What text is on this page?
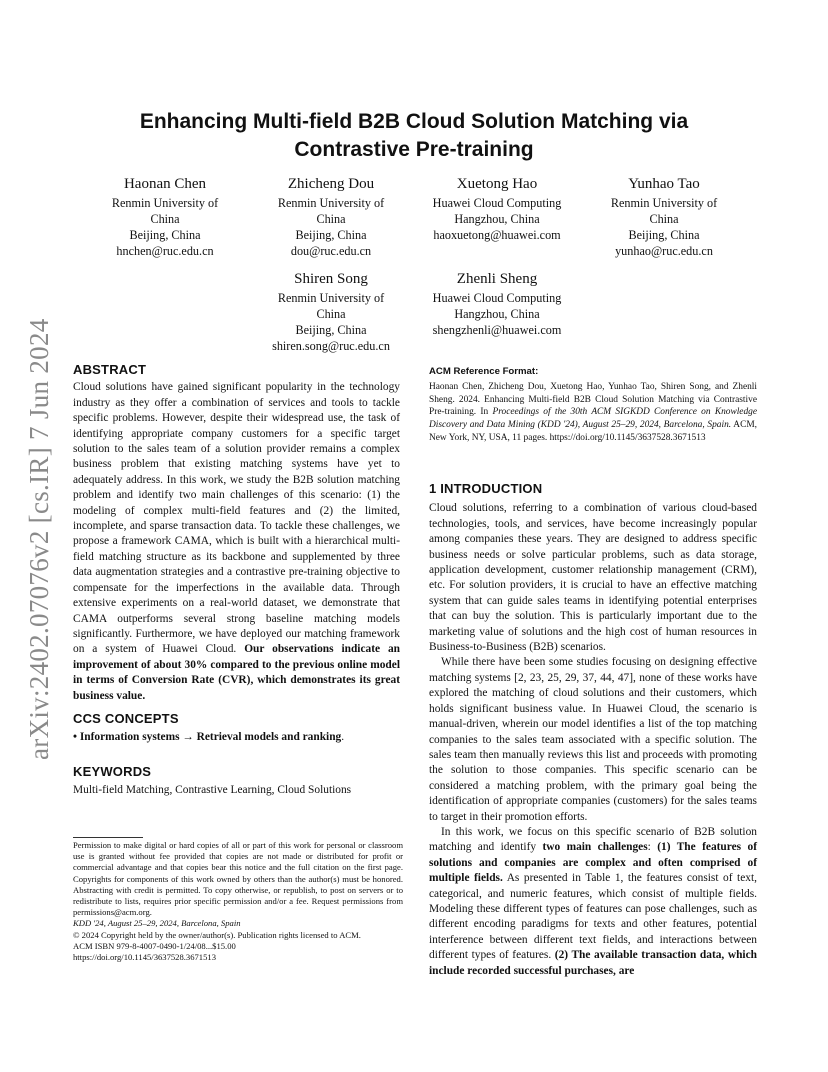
arXiv:2402.07076v2 [cs.IR] 7 Jun 2024
Enhancing Multi-field B2B Cloud Solution Matching via
Contrastive Pre-training
Haonan Chen
Renmin University of
China
Beijing, China
hnchen@ruc.edu.cn
Zhicheng Dou
Renmin University of
China
Beijing, China
dou@ruc.edu.cn
Xuetong Hao
Huawei Cloud Computing
Hangzhou, China
haoxuetong@huawei.com
Yunhao Tao
Renmin University of
China
Beijing, China
yunhao@ruc.edu.cn
Shiren Song
Renmin University of
China
Beijing, China
shiren.song@ruc.edu.cn
Zhenli Sheng
Huawei Cloud Computing
Hangzhou, China
shengzhenli@huawei.com
ABSTRACT

Cloud solutions have gained significant popularity in the technology industry as they offer a combination of services and tools to tackle specific problems. However, despite their widespread use, the task of identifying appropriate company customers for a specific target solution to the sales team of a solution provider remains a complex business problem that existing matching systems have yet to adequately address. In this work, we study the B2B solution matching problem and identify two main challenges of this scenario: (1) the modeling of complex multi-field features and (2) the limited, incomplete, and sparse transaction data. To tackle these challenges, we propose a framework CAMA, which is built with a hierarchical multi-field matching structure as its backbone and supplemented by three data augmentation strategies and a contrastive pre-training objective to compensate for the imperfections in the available data. Through extensive experiments on a real-world dataset, we demonstrate that CAMA outperforms several strong baseline matching models significantly. Furthermore, we have deployed our matching framework on a system of Huawei Cloud. Our observations indicate an improvement of about 30% compared to the previous online model in terms of Conversion Rate (CVR), which demonstrates its great business value.

CCS CONCEPTS

• Information systems → Retrieval models and ranking.

KEYWORDS

Multi-field Matching, Contrastive Learning, Cloud Solutions

Permission to make digital or hard copies of all or part of this work for personal or classroom use is granted without fee provided that copies are not made or distributed for profit or commercial advantage and that copies bear this notice and the full citation on the first page. Copyrights for components of this work owned by others than the author(s) must be honored. Abstracting with credit is permitted. To copy otherwise, or republish, to post on servers or to redistribute to lists, requires prior specific permission and/or a fee. Request permissions from permissions@acm.org.

KDD '24, August 25–29, 2024, Barcelona, Spain

© 2024 Copyright held by the owner/author(s). Publication rights licensed to ACM.

ACM ISBN 979-8-4007-0490-1/24/08...$15.00

https://doi.org/10.1145/3637528.3671513

ACM Reference Format:

Haonan Chen, Zhicheng Dou, Xuetong Hao, Yunhao Tao, Shiren Song, and Zhenli Sheng. 2024. Enhancing Multi-field B2B Cloud Solution Matching via Contrastive Pre-training. In Proceedings of the 30th ACM SIGKDD Conference on Knowledge Discovery and Data Mining (KDD '24), August 25–29, 2024, Barcelona, Spain. ACM, New York, NY, USA, 11 pages. https://doi.org/10.1145/3637528.3671513

1 INTRODUCTION

Cloud solutions, referring to a combination of various cloud-based technologies, tools, and services, have become increasingly popular among companies these years. They are designed to address specific business needs or solve particular problems, such as data storage, application development, customer relationship management (CRM), etc. For solution providers, it is crucial to have an effective matching system that can guide sales teams in identifying potential enterprises that can buy the solution. This is particularly important due to the marketing value of solutions and the high cost of human resources in Business-to-Business (B2B) scenarios.

While there have been some studies focusing on designing effective matching systems [2, 23, 25, 29, 37, 44, 47], none of these works have explored the matching of cloud solutions and their customers, which holds significant business value. In Huawei Cloud, the scenario is manual-driven, wherein our model identifies a list of the top matching companies to the sales team associated with a specific solution. The sales team then manually reviews this list and proceeds with promoting the solution to those companies. This specific scenario can be considered a matching problem, with the primary goal being the identification of appropriate companies (customers) for the sales teams to target in their promotion efforts.

In this work, we focus on this specific scenario of B2B solution matching and identify two main challenges: (1) The features of solutions and companies are complex and often comprised of multiple fields. As presented in Table 1, the features consist of text, categorical, and numeric features, which consist of multiple fields. Modeling these different types of features can pose challenges, such as different encoding paradigms for texts and other features, potential interference between different text fields, and interactions between different types of features. (2) The available transaction data, which include recorded successful purchases, are
